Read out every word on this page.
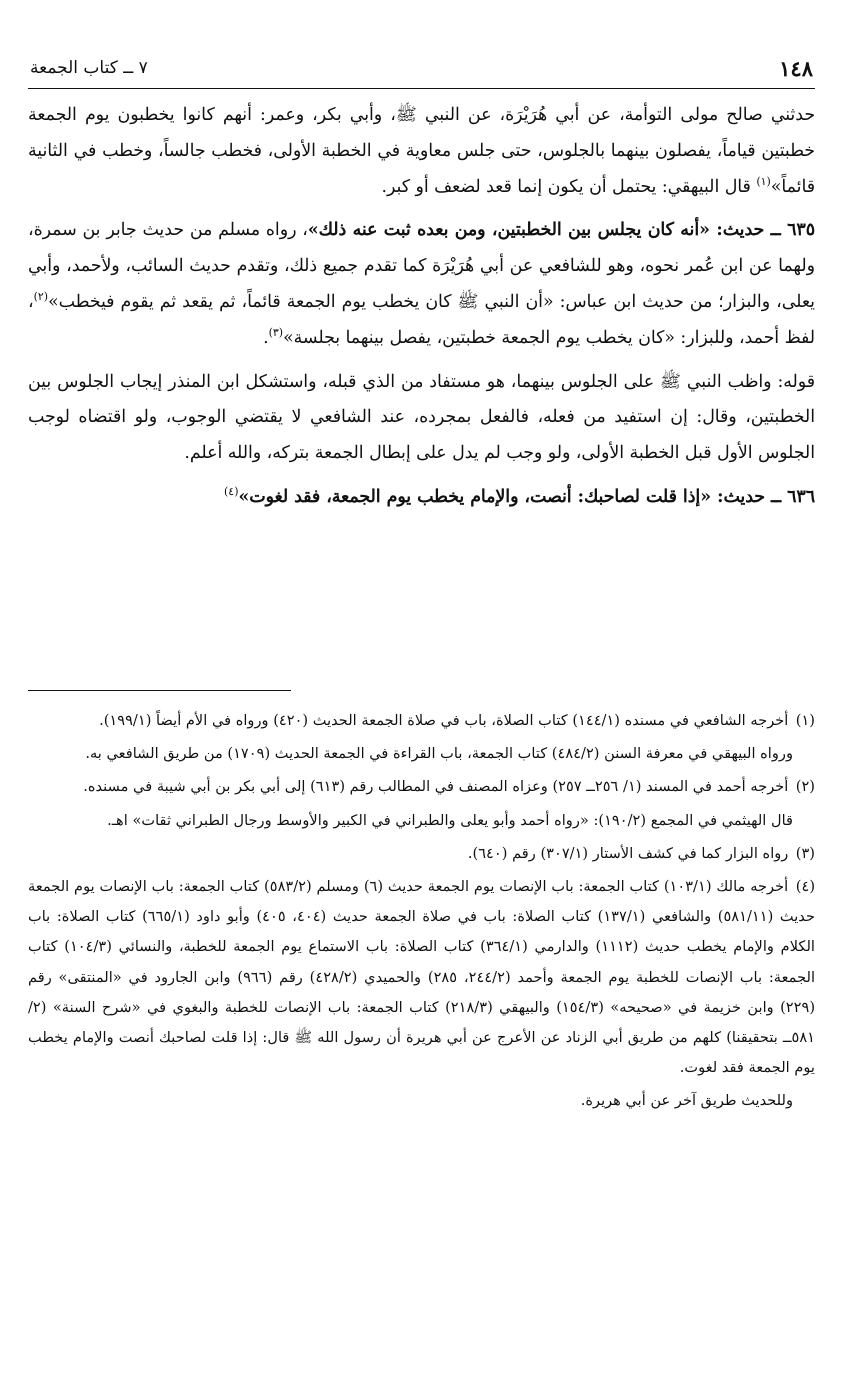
١٤٨
٧ ــ كتاب الجمعة

حدثني صالح مولى التوأمة، عن أبي هُرَيْرَة، عن النبي ﷺ، وأبي بكر، وعمر: أنهم كانوا يخطبون يوم الجمعة خطبتين قياماً، يفصلون بينهما بالجلوس، حتى جلس معاوية في الخطبة الأولى، فخطب جالساً، وخطب في الثانية قائماً»$^{(١)}$ قال البيهقي: يحتمل أن يكون إنما قعد لضعف أو كبر.

٦٣٥ ــ حديث: «أنه كان يجلس بين الخطبتين، ومن بعده ثبت عنه ذلك»، رواه مسلم من حديث جابر بن سمرة، ولهما عن ابن عُمر نحوه، وهو للشافعي عن أبي هُرَيْرَة كما تقدم جميع ذلك، وتقدم حديث السائب، ولأحمد، وأبي يعلى، والبزار؛ من حديث ابن عباس: «أن النبي ﷺ كان يخطب يوم الجمعة قائماً، ثم يقعد ثم يقوم فيخطب»$^{(٢)}$، لفظ أحمد، وللبزار: «كان يخطب يوم الجمعة خطبتين، يفصل بينهما بجلسة»$^{(٣)}$.

قوله: واظب النبي ﷺ على الجلوس بينهما، هو مستفاد من الذي قبله، واستشكل ابن المنذر إيجاب الجلوس بين الخطبتين، وقال: إن استفيد من فعله، فالفعل بمجرده، عند الشافعي لا يقتضي الوجوب، ولو اقتضاه لوجب الجلوس الأول قبل الخطبة الأولى، ولو وجب لم يدل على إبطال الجمعة بتركه، والله أعلم.

٦٣٦ ــ حديث: «إذا قلت لصاحبك: أنصت، والإمام يخطب يوم الجمعة، فقد لغوت»$^{(٤)}$

(١) أخرجه الشافعي في مسنده (١٤٤/١) كتاب الصلاة، باب في صلاة الجمعة الحديث (٤٢٠) ورواه في الأم أيضاً (١٩٩/١).
ورواه البيهقي في معرفة السنن (٤٨٤/٢) كتاب الجمعة، باب القراءة في الجمعة الحديث (١٧٠٩) من طريق الشافعي به.
(٢) أخرجه أحمد في المسند (١/ ٢٥٦ــ ٢٥٧) وعزاه المصنف في المطالب رقم (٦١٣) إلى أبي بكر بن أبي شيبة في مسنده.
قال الهيثمي في المجمع (١٩٠/٢): «رواه أحمد وأبو يعلى والطبراني في الكبير والأوسط ورجال الطبراني ثقات» اهـ.
(٣) رواه البزار كما في كشف الأستار (٣٠٧/١) رقم (٦٤٠).
(٤) أخرجه مالك (١٠٣/١) كتاب الجمعة: باب الإنصات يوم الجمعة حديث (٦) ومسلم (٥٨٣/٢) كتاب الجمعة: باب الإنصات يوم الجمعة حديث (٥٨١/١١) والشافعي (١٣٧/١) كتاب الصلاة: باب في صلاة الجمعة حديث (٤٠٤، ٤٠٥) وأبو داود (٦٦٥/١) كتاب الصلاة: باب الكلام والإمام يخطب حديث (١١١٢) والدارمي (٣٦٤/١) كتاب الصلاة: باب الاستماع يوم الجمعة للخطبة، والنسائي (١٠٤/٣) كتاب الجمعة: باب الإنصات للخطبة يوم الجمعة وأحمد (٢٤٤/٢، ٢٨٥) والحميدي (٤٢٨/٢) رقم (٩٦٦) وابن الجارود في «المنتقى» رقم (٢٢٩) وابن خزيمة في «صحيحه» (١٥٤/٣) والبيهقي (٢١٨/٣) كتاب الجمعة: باب الإنصات للخطبة والبغوي في «شرح السنة» (٢/ ٥٨١ــ بتحقيقنا) كلهم من طريق أبي الزناد عن الأعرج عن أبي هريرة أن رسول الله ﷺ قال: إذا قلت لصاحبك أنصت والإمام يخطب يوم الجمعة فقد لغوت.
وللحديث طريق آخر عن أبي هريرة.
